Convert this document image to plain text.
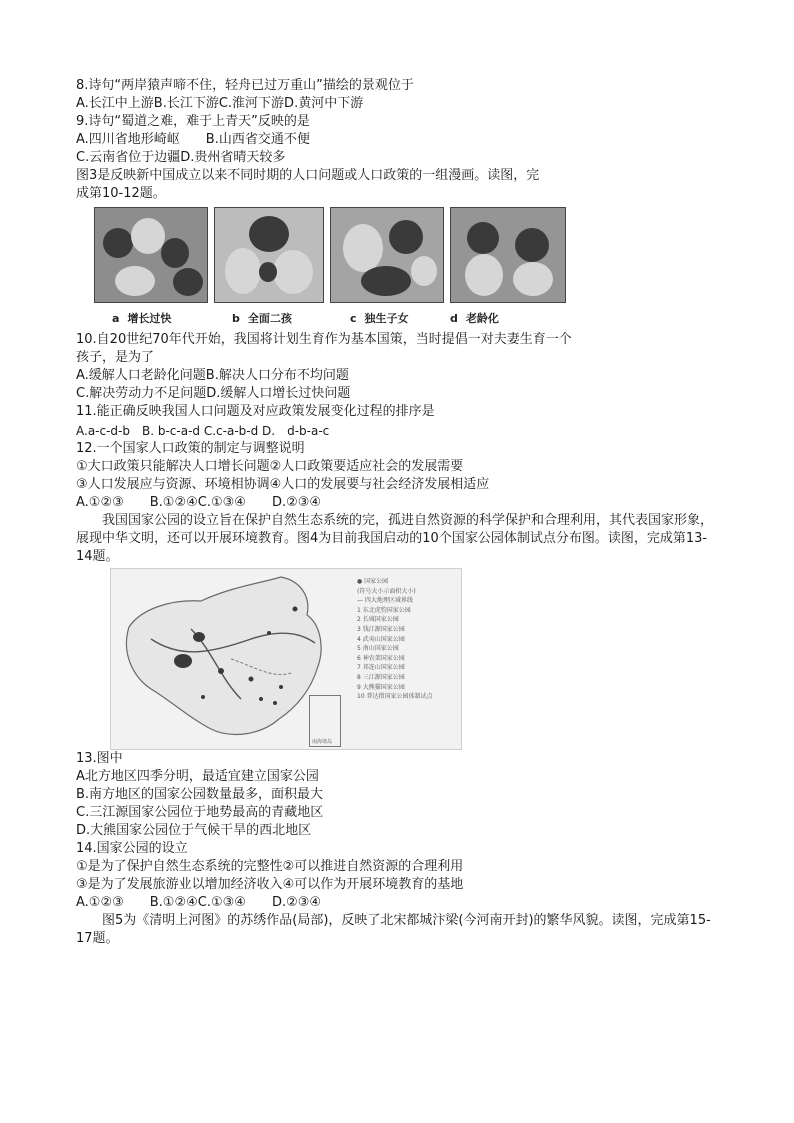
8.诗句“两岸猿声啼不住，轻舟已过万重山”描绘的景观位于
A.长江中上游B.长江下游C.淮河下游D.黄河中下游
9.诗句“蜀道之难，难于上青天”反映的是
A.四川省地形崎岖　　B.山西省交通不便
C.云南省位于边疆D.贵州省晴天较多
图3是反映新中国成立以来不同时期的人口问题或人口政策的一组漫画。读图，完
成第10-12题。
a 增长过快	b 全面二孩	c 独生子女	d 老龄化
10.自20世纪70年代开始，我国将计划生育作为基本国策，当时提倡一对夫妻生育一个
孩子，是为了
A.缓解人口老龄化问题B.解决人口分布不均问题
C.解决劳动力不足问题D.缓解人口增长过快问题
11.能正确反映我国人口问题及对应政策发展变化过程的排序是
A.a-c-d-b　B. b-c-a-d C.c-a-b-d D.　d-b-a-c
12.一个国家人口政策的制定与调整说明
①大口政策只能解决人口增长问题②人口政策要适应社会的发展需要
③人口发展应与资源、环境相协调④人口的发展要与社会经济发展相适应
A.①②③　　B.①②④C.①③④　　D.②③④
　　我国国家公园的设立旨在保护自然生态系统的完，孤进自然资源的科学保护和合理利用，其代表国家形象，展现中华文明，还可以开展环境教育。图4为目前我国启动的10个国家公园体制试点分布图。读图，完成第13-14题。
南海诸岛
● 国家公园
(符号大小示面积大小)
— 四大地理区域界线
1 东北虎豹国家公园
2 长城国家公园
3 钱江源国家公园
4 武夷山国家公园
5 南山国家公园
6 神农架国家公园
7 祁连山国家公园
8 三江源国家公园
9 大熊猫国家公园
10 普达措国家公园体制试点
13.图中
A北方地区四季分明，最适宜建立国家公园
B.南方地区的国家公园数量最多，面积最大
C.三江源国家公园位于地势最高的青藏地区
D.大熊国家公园位于气候干旱的西北地区
14.国家公园的设立
①是为了保护自然生态系统的完整性②可以推进自然资源的合理利用
③是为了发展旅游业以增加经济收入④可以作为开展环境教育的基地
A.①②③　　B.①②④C.①③④　　D.②③④
　　图5为《清明上河图》的苏绣作品(局部)，反映了北宋都城汴梁(今河南开封)的繁华风貌。读图，完成第15-17题。
